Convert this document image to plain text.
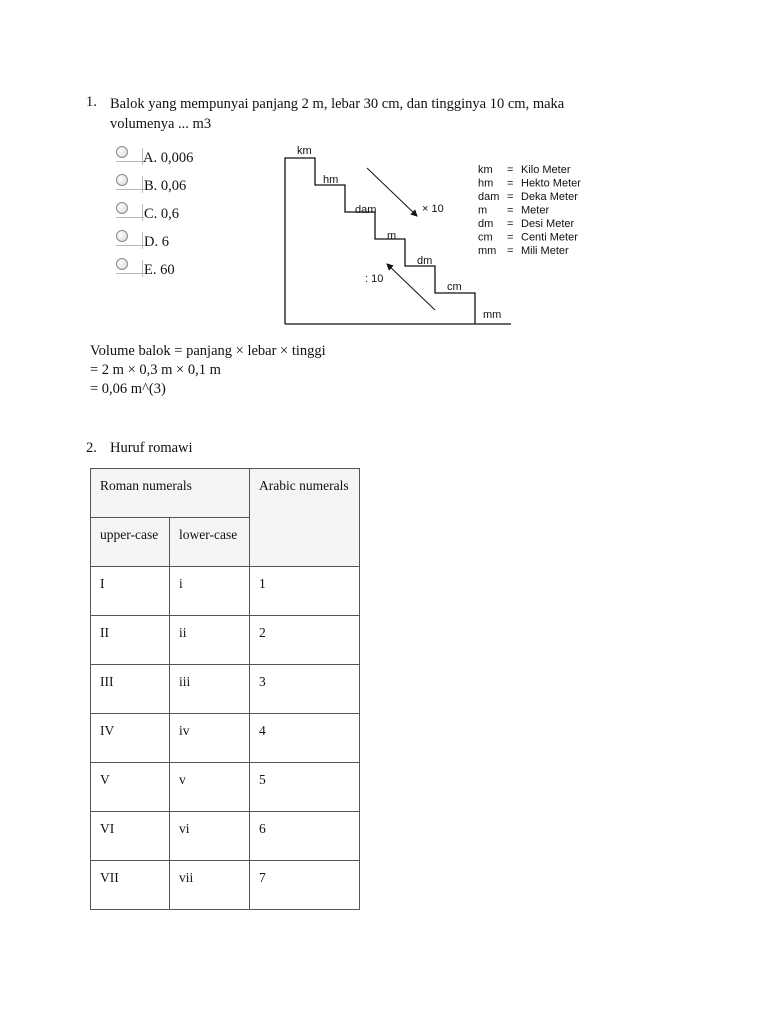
1. Balok yang mempunyai panjang 2 m, lebar 30 cm, dan tingginya 10 cm, maka volumenya ... m3
A. 0,006
B. 0,06
C. 0,6
D. 6
E. 60
km
hm
dam
m
dm
cm
mm
× 10
: 10
km = Kilo Meter
hm = Hekto Meter
dam = Deka Meter
m = Meter
dm = Desi Meter
cm = Centi Meter
mm = Mili Meter
Volume balok = panjang × lebar × tinggi
= 2 m × 0,3 m × 0,1 m
= 0,06 m^(3)
2. Huruf romawi
Roman numerals		Arabic numerals
upper-case	lower-case	
I	i	1
II	ii	2
III	iii	3
IV	iv	4
V	v	5
VI	vi	6
VII	vii	7
